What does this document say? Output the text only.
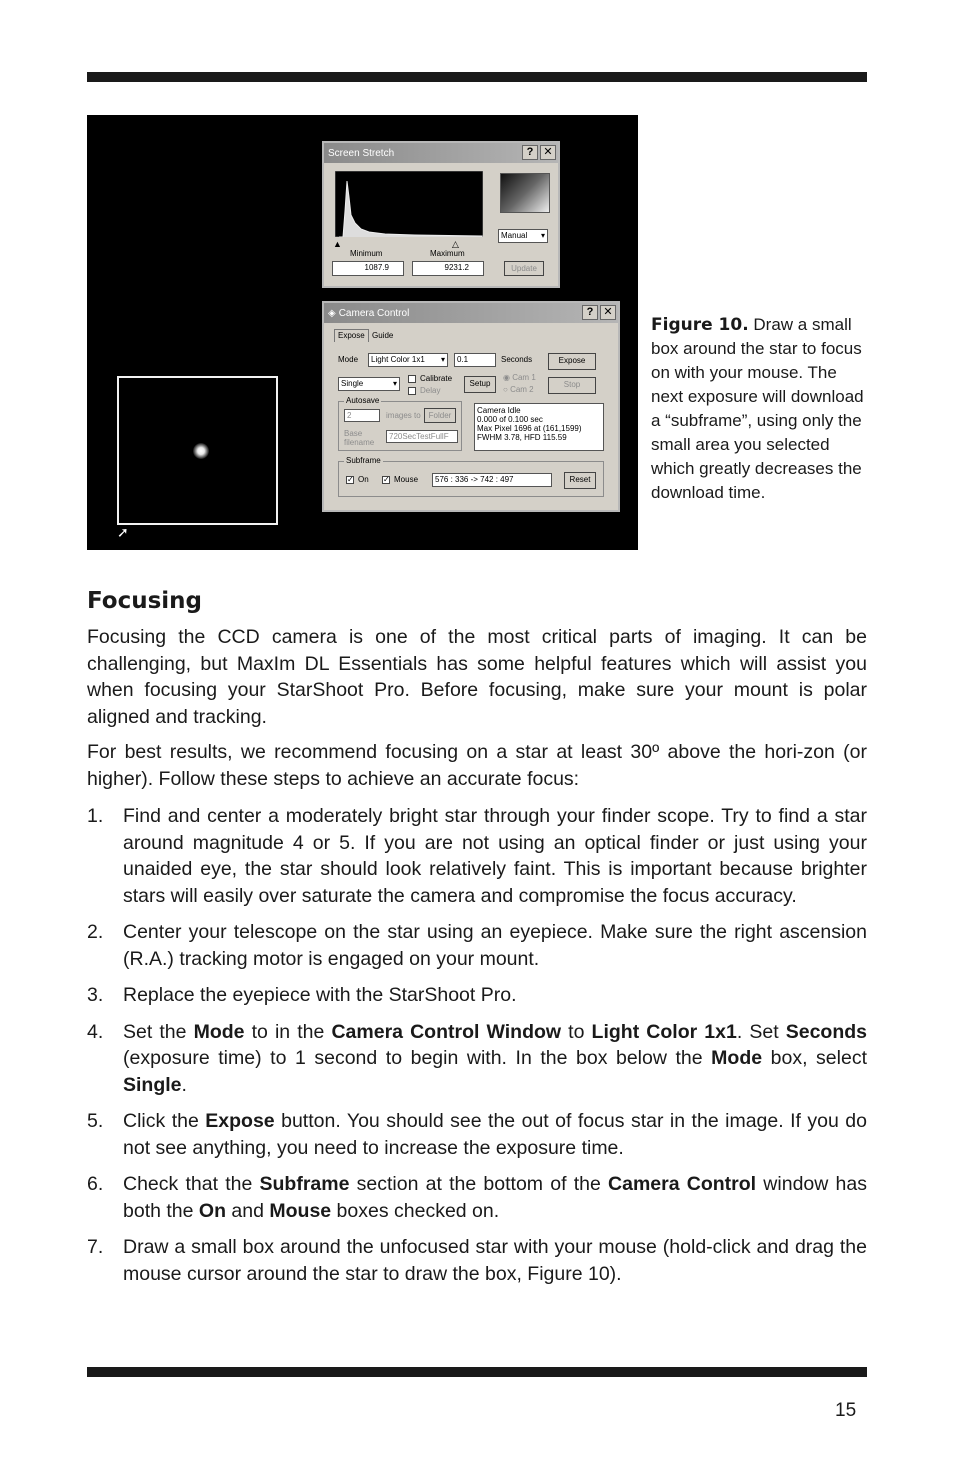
➚
Screen Stretch	? ✕
▲	△
Minimum	Maximum
1087.9	9231.2
Manual ▾
Update
◈ Camera Control	? ✕
Expose Guide
Mode	Light Color 1x1 ▾	0.1	Seconds	Expose
Single	▾
Calibrate
Delay
Setup
◉ Cam 1
○ Cam 2
Stop
Autosave
2	images to Folder
Base filename
720SecTestFullF
Camera Idle
0.000 of 0.100 sec
Max Pixel 1696 at (161,1599)
FWHM 3.78, HFD 115.59
Subframe
✓ On ✓ Mouse	576 : 336 -> 742 : 497	Reset
Figure 10. Draw a small box around the star to focus on with your mouse. The next exposure will download a “subframe”, using only the small area you selected which greatly decreases the download time.
Focusing

Focusing the CCD camera is one of the most critical parts of imaging. It can be challenging, but MaxIm DL Essentials has some helpful features which will assist you when focusing your StarShoot Pro. Before focusing, make sure your mount is polar aligned and tracking.

For best results, we recommend focusing on a star at least 30º above the hori-zon (or higher). Follow these steps to achieve an accurate focus:

1. Find and center a moderately bright star through your finder scope. Try to find a star around magnitude 4 or 5. If you are not using an optical finder or just using your unaided eye, the star should look relatively faint. This is important because brighter stars will easily over saturate the camera and compromise the focus accuracy.
2. Center your telescope on the star using an eyepiece. Make sure the right ascension (R.A.) tracking motor is engaged on your mount.
3. Replace the eyepiece with the StarShoot Pro.
4. Set the Mode to in the Camera Control Window to Light Color 1x1. Set Seconds (exposure time) to 1 second to begin with. In the box below the Mode box, select Single.
5. Click the Expose button. You should see the out of focus star in the image. If you do not see anything, you need to increase the exposure time.
6. Check that the Subframe section at the bottom of the Camera Control window has both the On and Mouse boxes checked on.
7. Draw a small box around the unfocused star with your mouse (hold-click and drag the mouse cursor around the star to draw the box, Figure 10).
15
